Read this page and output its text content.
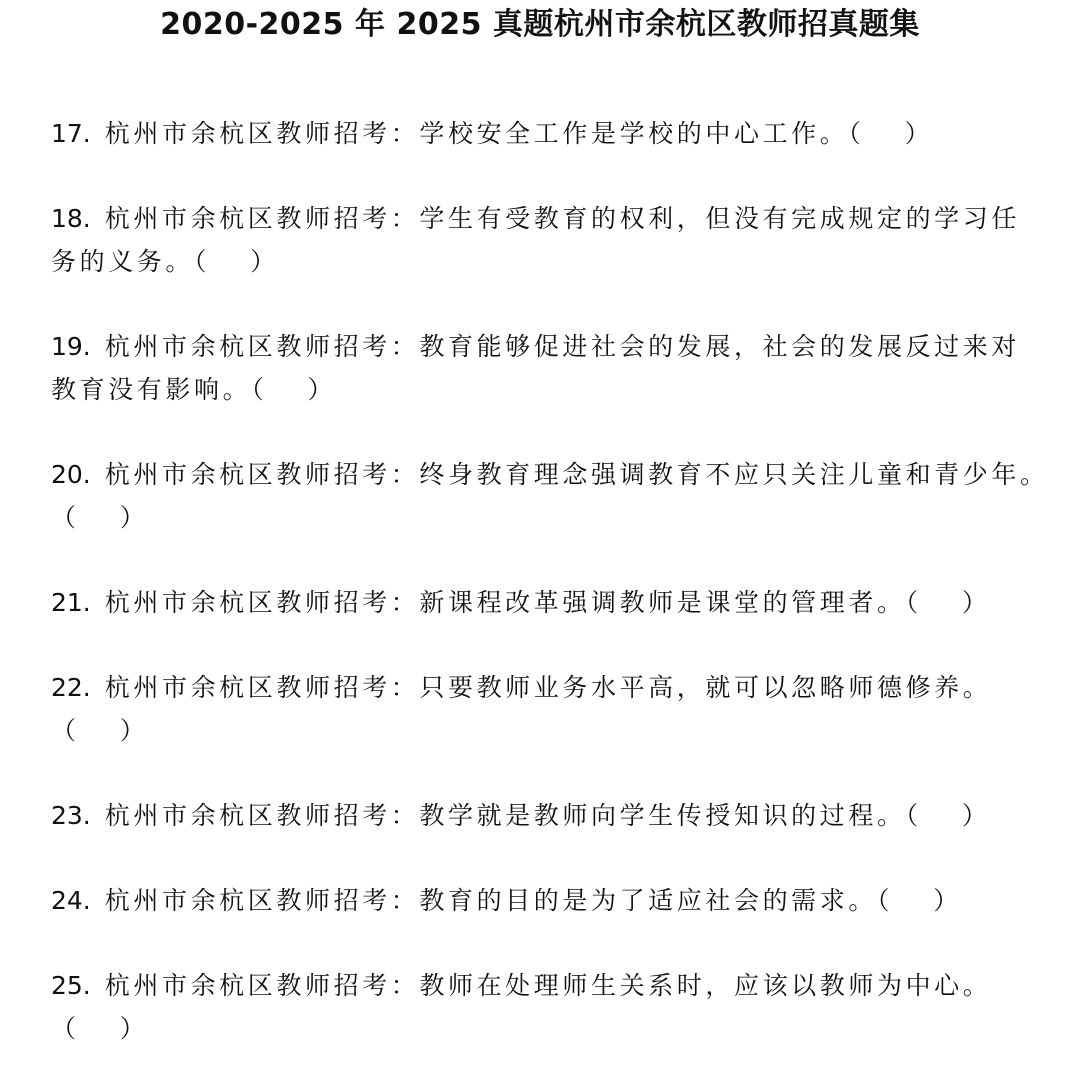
2020-2025 年 2025 真题杭州市余杭区教师招真题集
17. 杭州市余杭区教师招考：学校安全工作是学校的中心工作。（　 ）
18. 杭州市余杭区教师招考：学生有受教育的权利，但没有完成规定的学习任
务的义务。（　 ）
19. 杭州市余杭区教师招考：教育能够促进社会的发展，社会的发展反过来对
教育没有影响。（　 ）
20. 杭州市余杭区教师招考：终身教育理念强调教育不应只关注儿童和青少年。
（　 ）
21. 杭州市余杭区教师招考：新课程改革强调教师是课堂的管理者。（　 ）
22. 杭州市余杭区教师招考：只要教师业务水平高，就可以忽略师德修养。
（　 ）
23. 杭州市余杭区教师招考：教学就是教师向学生传授知识的过程。（　 ）
24. 杭州市余杭区教师招考：教育的目的是为了适应社会的需求。（　 ）
25. 杭州市余杭区教师招考：教师在处理师生关系时，应该以教师为中心。
（　 ）
